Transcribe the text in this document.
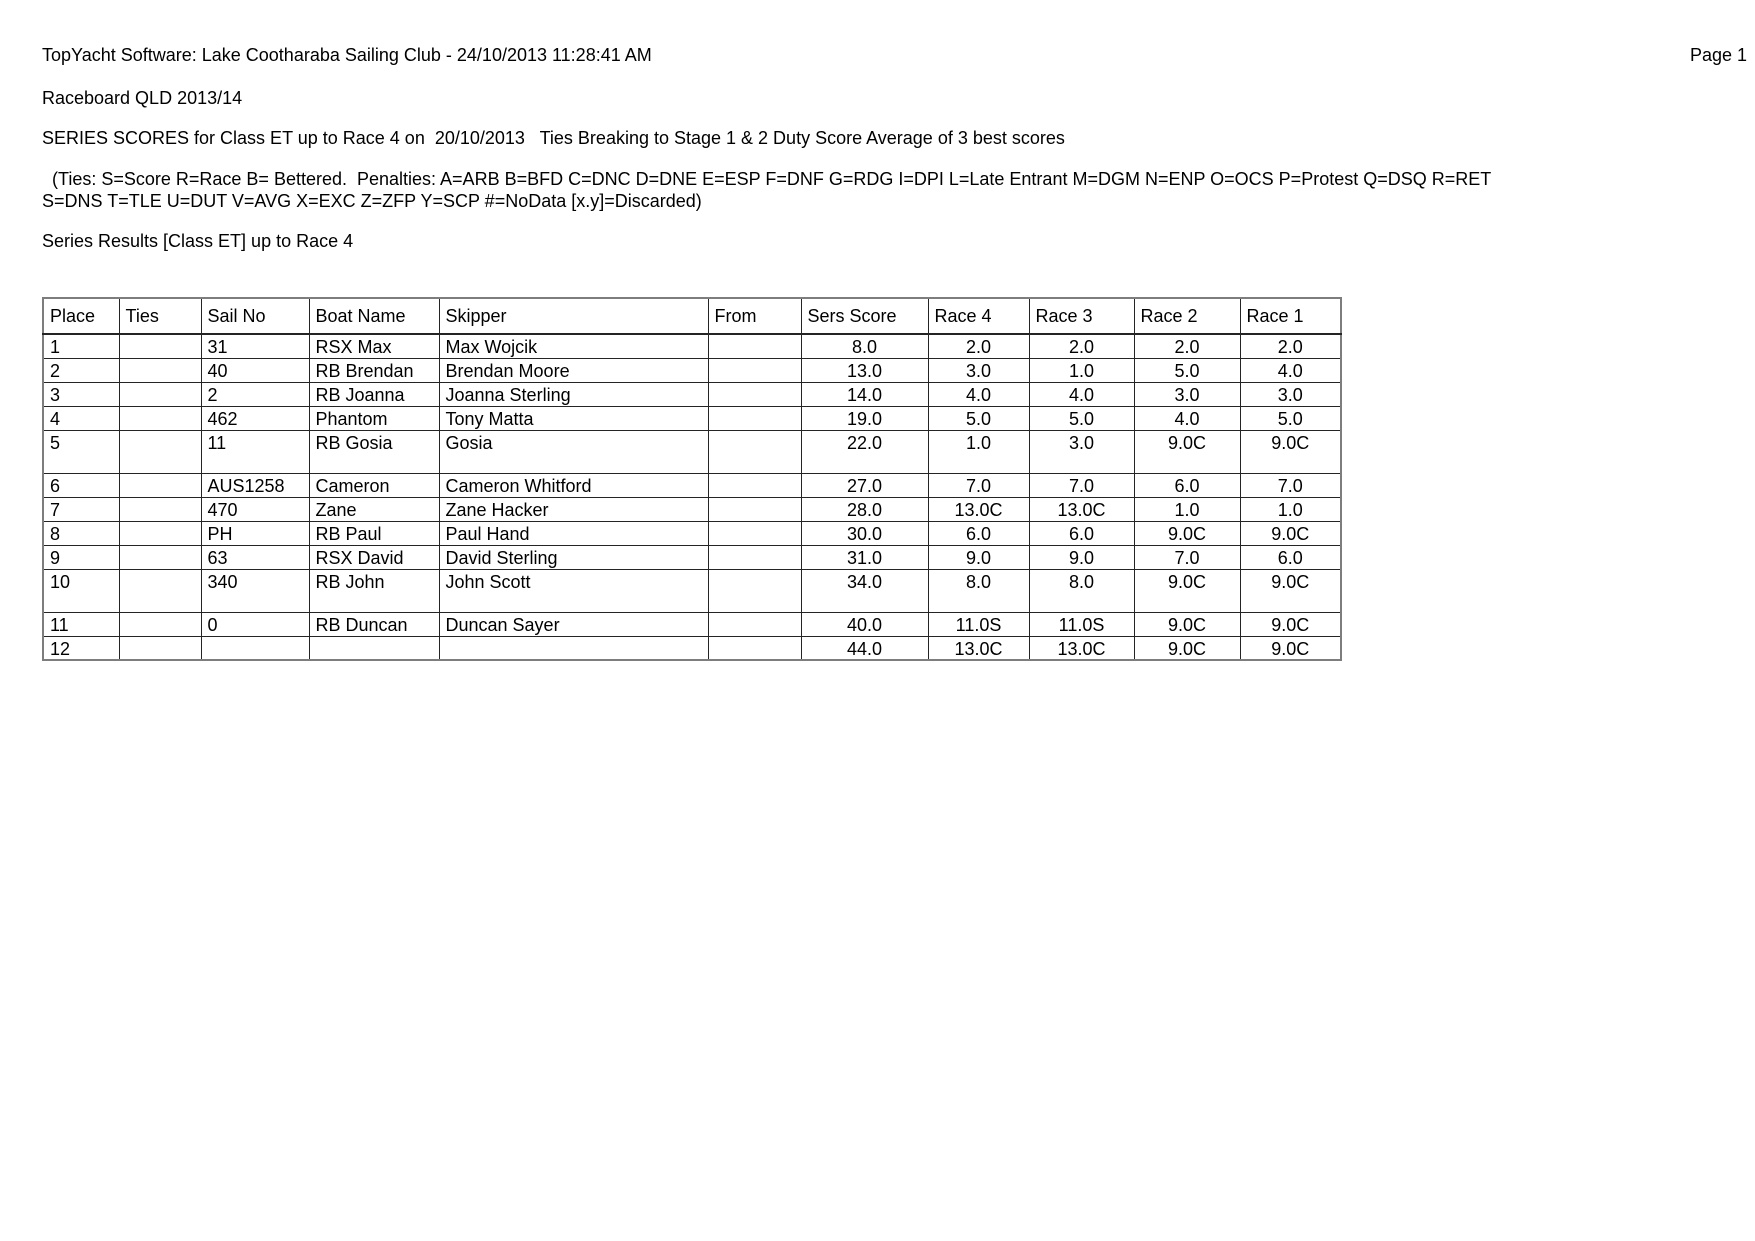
TopYacht Software: Lake Cootharaba Sailing Club - 24/10/2013 11:28:41 AM	Page 1
Raceboard QLD 2013/14
SERIES SCORES for Class ET up to Race 4 on  20/10/2013   Ties Breaking to Stage 1 & 2 Duty Score Average of 3 best scores
(Ties: S=Score R=Race B= Bettered.  Penalties: A=ARB B=BFD C=DNC D=DNE E=ESP F=DNF G=RDG I=DPI L=Late Entrant M=DGM N=ENP O=OCS P=Protest Q=DSQ R=RET
S=DNS T=TLE U=DUT V=AVG X=EXC Z=ZFP Y=SCP #=NoData [x.y]=Discarded)
Series Results [Class ET] up to Race 4
Place	Ties	Sail No	Boat Name	Skipper	From	Sers Score	Race 4	Race 3	Race 2	Race 1
1		31	RSX Max	Max Wojcik		8.0	2.0	2.0	2.0	2.0
2		40	RB Brendan	Brendan Moore		13.0	3.0	1.0	5.0	4.0
3		2	RB Joanna	Joanna Sterling		14.0	4.0	4.0	3.0	3.0
4		462	Phantom	Tony Matta		19.0	5.0	5.0	4.0	5.0
5		11	RB Gosia	Gosia		22.0	1.0	3.0	9.0C	9.0C
6		AUS1258	Cameron	Cameron Whitford		27.0	7.0	7.0	6.0	7.0
7		470	Zane	Zane Hacker		28.0	13.0C	13.0C	1.0	1.0
8		PH	RB Paul	Paul Hand		30.0	6.0	6.0	9.0C	9.0C
9		63	RSX David	David Sterling		31.0	9.0	9.0	7.0	6.0
10		340	RB John	John Scott		34.0	8.0	8.0	9.0C	9.0C
11		0	RB Duncan	Duncan Sayer		40.0	11.0S	11.0S	9.0C	9.0C
12						44.0	13.0C	13.0C	9.0C	9.0C
